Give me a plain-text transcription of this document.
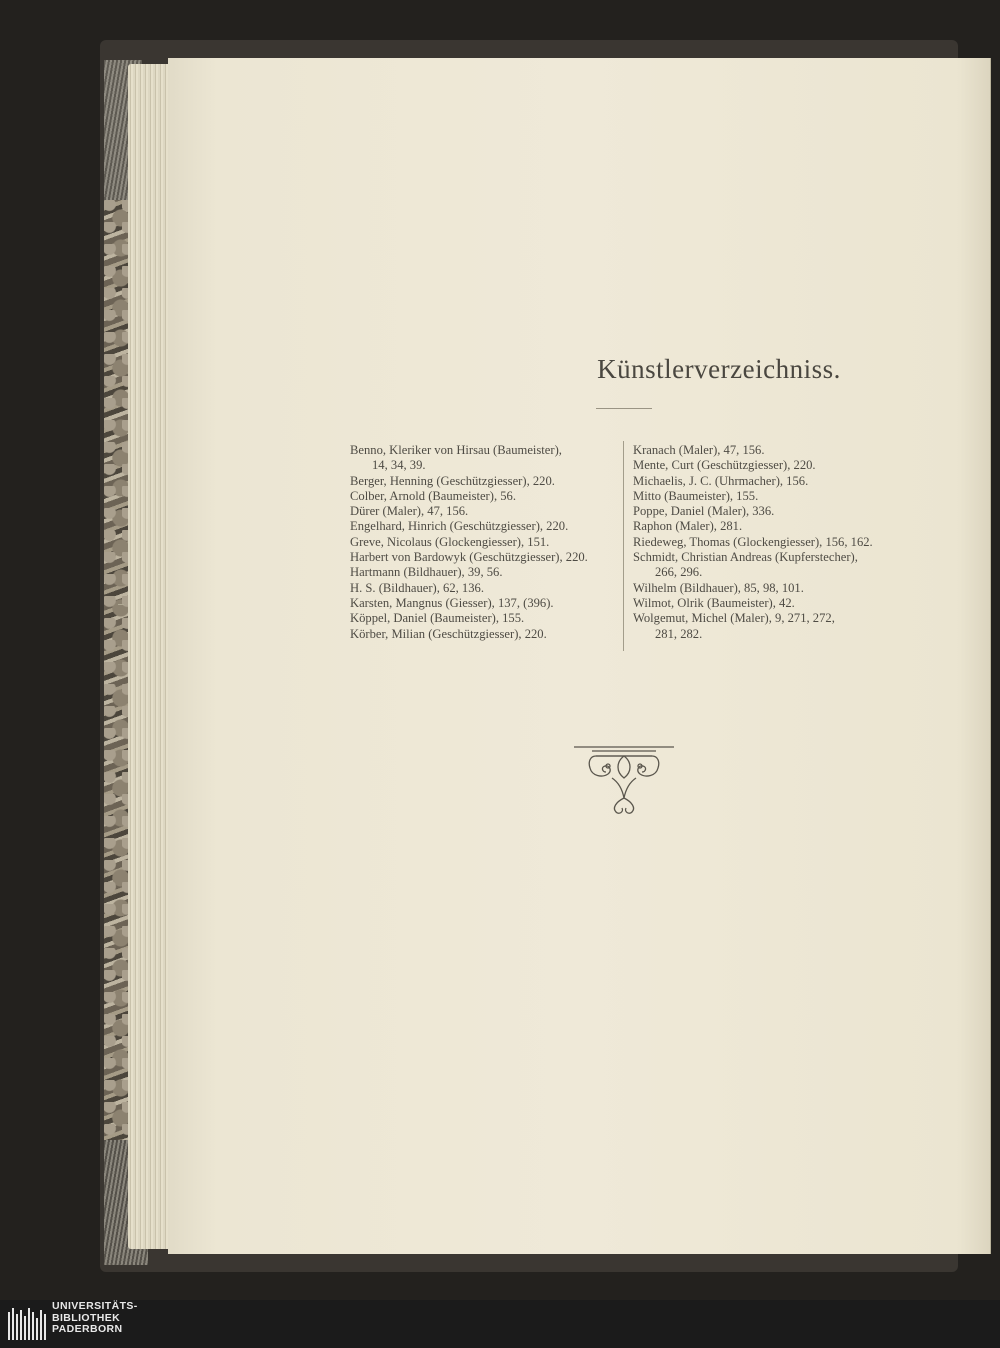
Künstlerverzeichniss.
Benno, Kleriker von Hirsau (Baumeister),
14, 34, 39.
Berger, Henning (Geschützgiesser), 220.
Colber, Arnold (Baumeister), 56.
Dürer (Maler), 47, 156.
Engelhard, Hinrich (Geschützgiesser), 220.
Greve, Nicolaus (Glockengiesser), 151.
Harbert von Bardowyk (Geschützgiesser), 220.
Hartmann (Bildhauer), 39, 56.
H. S. (Bildhauer), 62, 136.
Karsten, Mangnus (Giesser), 137, (396).
Köppel, Daniel (Baumeister), 155.
Körber, Milian (Geschützgiesser), 220.
Kranach (Maler), 47, 156.
Mente, Curt (Geschützgiesser), 220.
Michaelis, J. C. (Uhrmacher), 156.
Mitto (Baumeister), 155.
Poppe, Daniel (Maler), 336.
Raphon (Maler), 281.
Riedeweg, Thomas (Glockengiesser), 156, 162.
Schmidt, Christian Andreas (Kupferstecher),
266, 296.
Wilhelm (Bildhauer), 85, 98, 101.
Wilmot, Olrik (Baumeister), 42.
Wolgemut, Michel (Maler), 9, 271, 272,
281, 282.
UNIVERSITÄTS-
BIBLIOTHEK
PADERBORN
